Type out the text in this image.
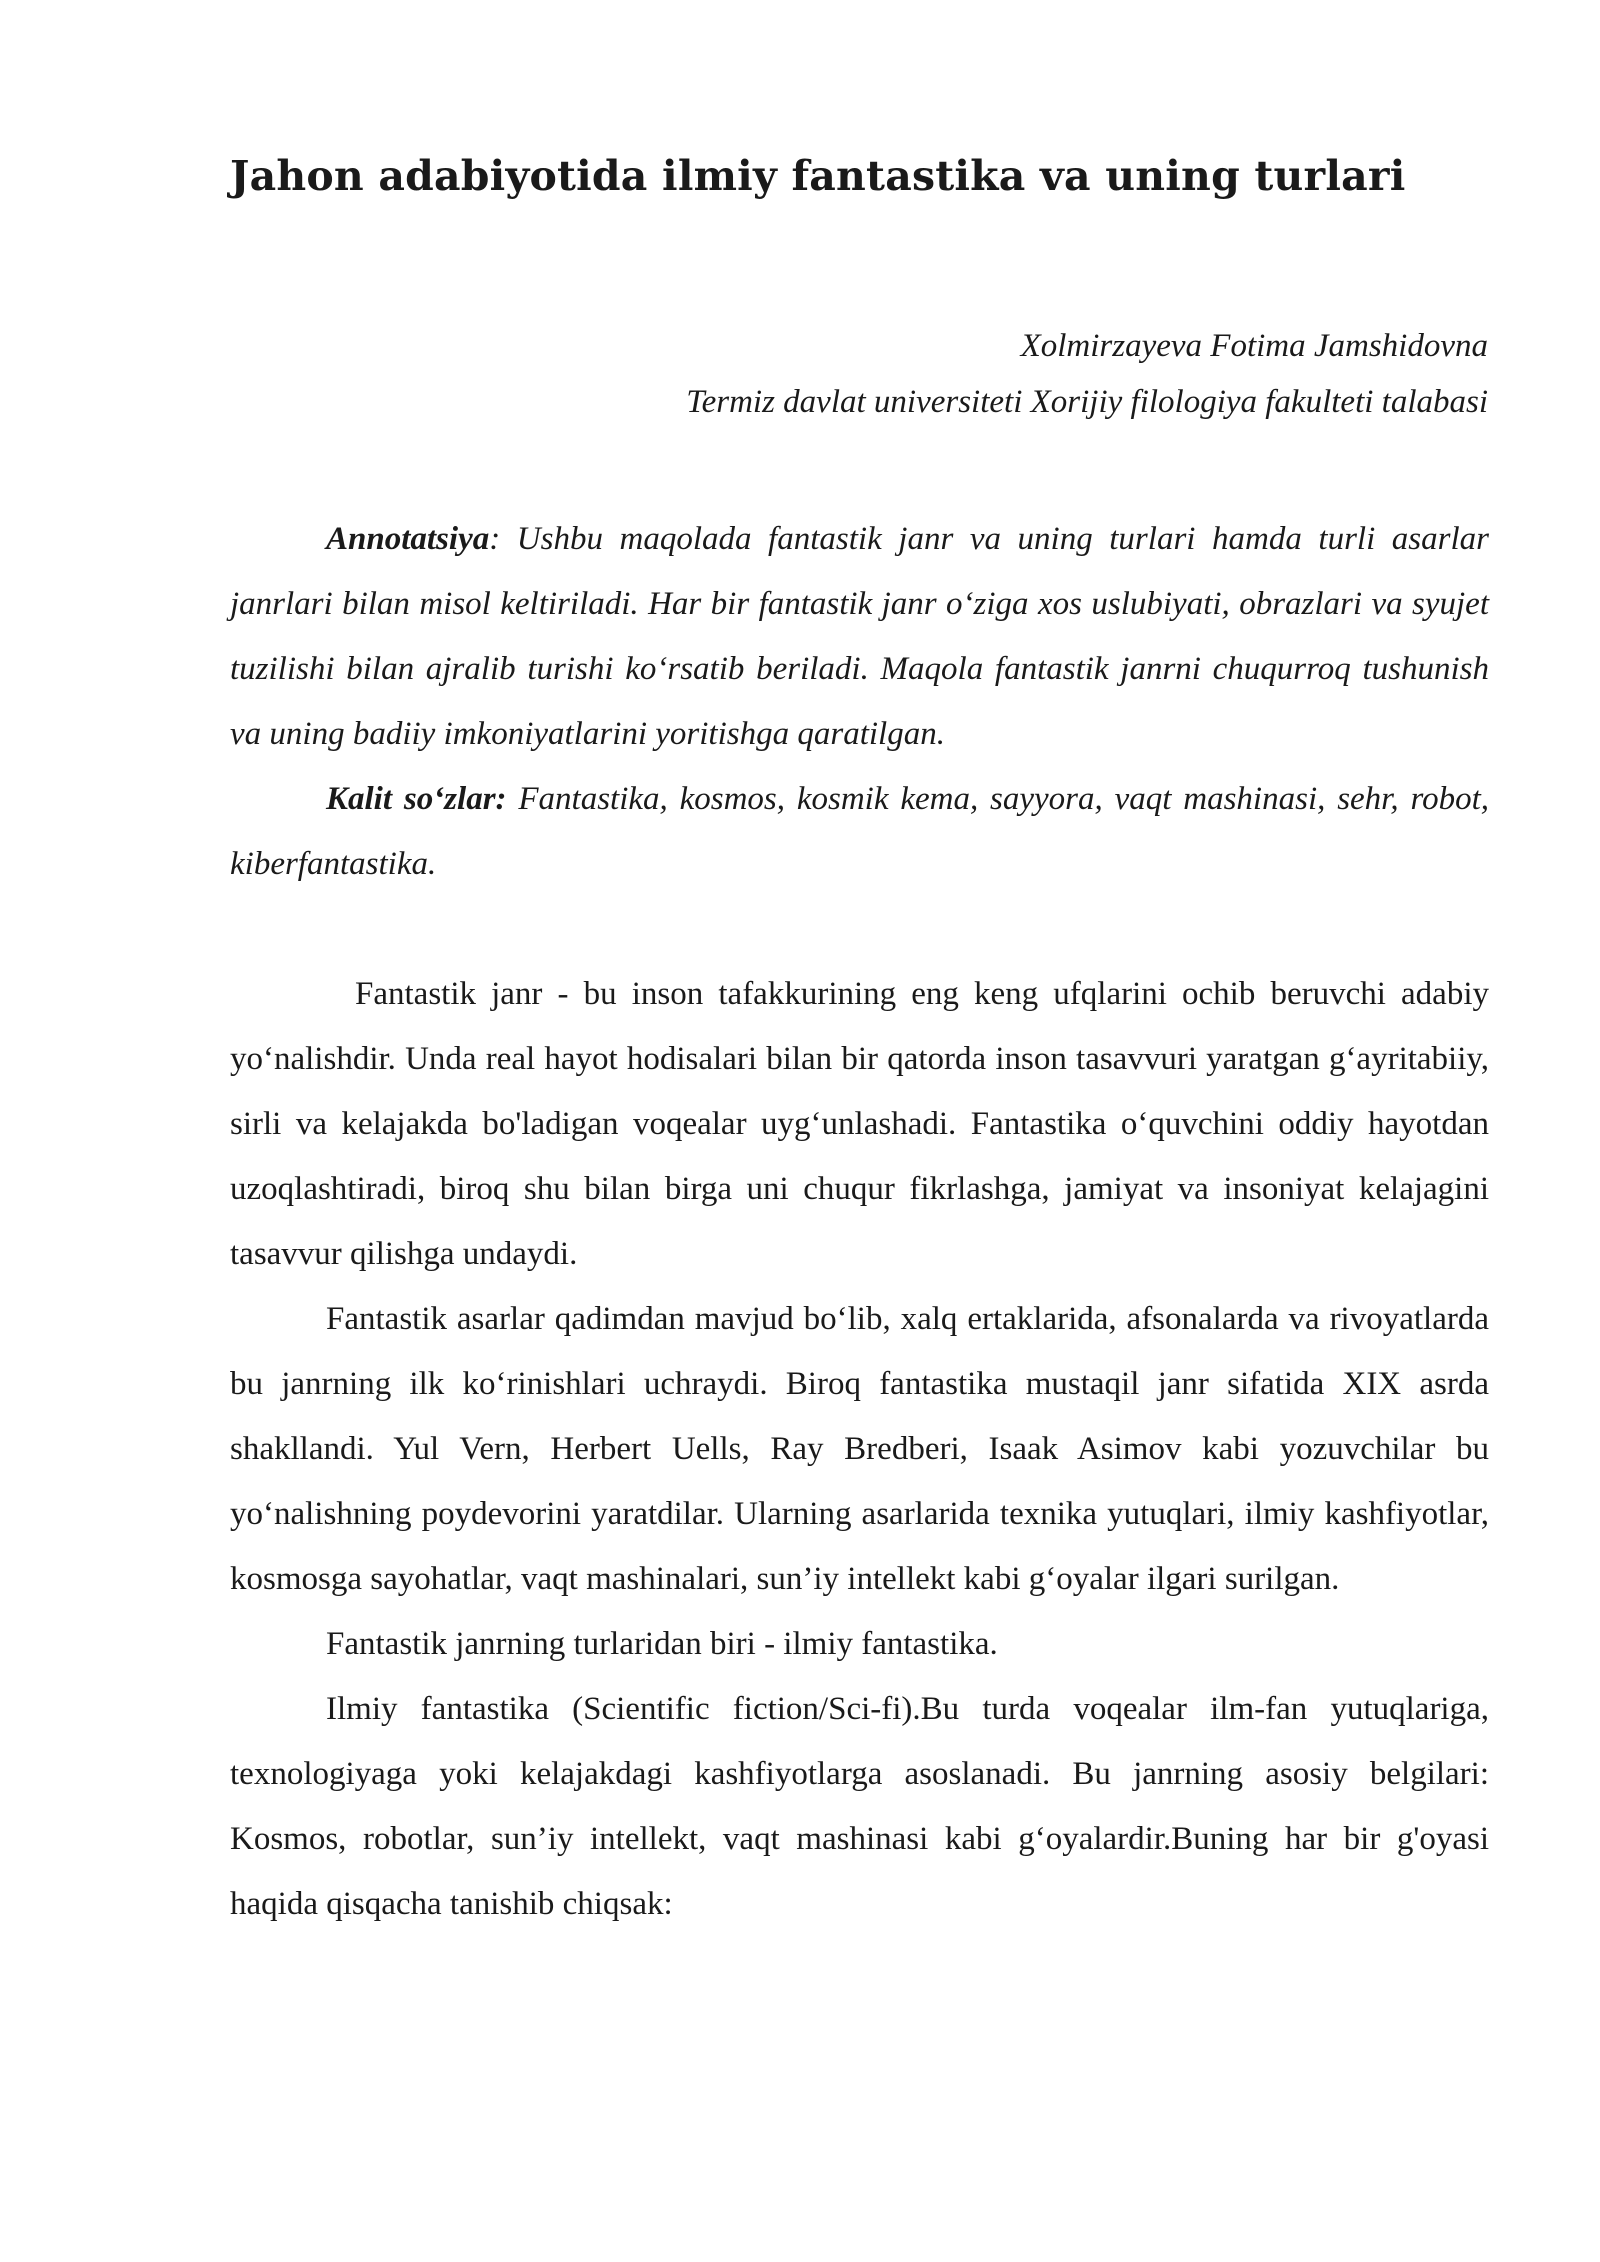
Jahon adabiyotida ilmiy fantastika va uning turlari
Xolmirzayeva Fotima Jamshidovna
Termiz davlat universiteti Xorijiy filologiya fakulteti talabasi

Annotatsiya: Ushbu maqolada fantastik janr va uning turlari hamda turli asarlar janrlari bilan misol keltiriladi. Har bir fantastik janr o‘ziga xos uslubiyati, obrazlari va syujet tuzilishi bilan ajralib turishi ko‘rsatib beriladi. Maqola fantastik janrni chuqurroq tushunish va uning badiiy imkoniyatlarini yoritishga qaratilgan.

Kalit so‘zlar: Fantastika, kosmos, kosmik kema, sayyora, vaqt mashinasi, sehr, robot, kiberfantastika.

Fantastik janr - bu inson tafakkurining eng keng ufqlarini ochib beruvchi adabiy yo‘nalishdir. Unda real hayot hodisalari bilan bir qatorda inson tasavvuri yaratgan g‘ayritabiiy, sirli va kelajakda bo'ladigan voqealar uyg‘unlashadi. Fantastika o‘quvchini oddiy hayotdan uzoqlashtiradi, biroq shu bilan birga uni chuqur fikrlashga, jamiyat va insoniyat kelajagini tasavvur qilishga undaydi.

Fantastik asarlar qadimdan mavjud bo‘lib, xalq ertaklarida, afsonalarda va rivoyatlarda bu janrning ilk ko‘rinishlari uchraydi. Biroq fantastika mustaqil janr sifatida XIX asrda shakllandi. Yul Vern, Herbert Uells, Ray Bredberi, Isaak Asimov kabi yozuvchilar bu yo‘nalishning poydevorini yaratdilar. Ularning asarlarida texnika yutuqlari, ilmiy kashfiyotlar, kosmosga sayohatlar, vaqt mashinalari, sun’iy intellekt kabi g‘oyalar ilgari surilgan.

Fantastik janrning turlaridan biri - ilmiy fantastika.

Ilmiy fantastika (Scientific fiction/Sci-fi).Bu turda voqealar ilm-fan yutuqlariga, texnologiyaga yoki kelajakdagi kashfiyotlarga asoslanadi. Bu janrning asosiy belgilari: Kosmos, robotlar, sun’iy intellekt, vaqt mashinasi kabi g‘oyalardir.Buning har bir g'oyasi haqida qisqacha tanishib chiqsak:
